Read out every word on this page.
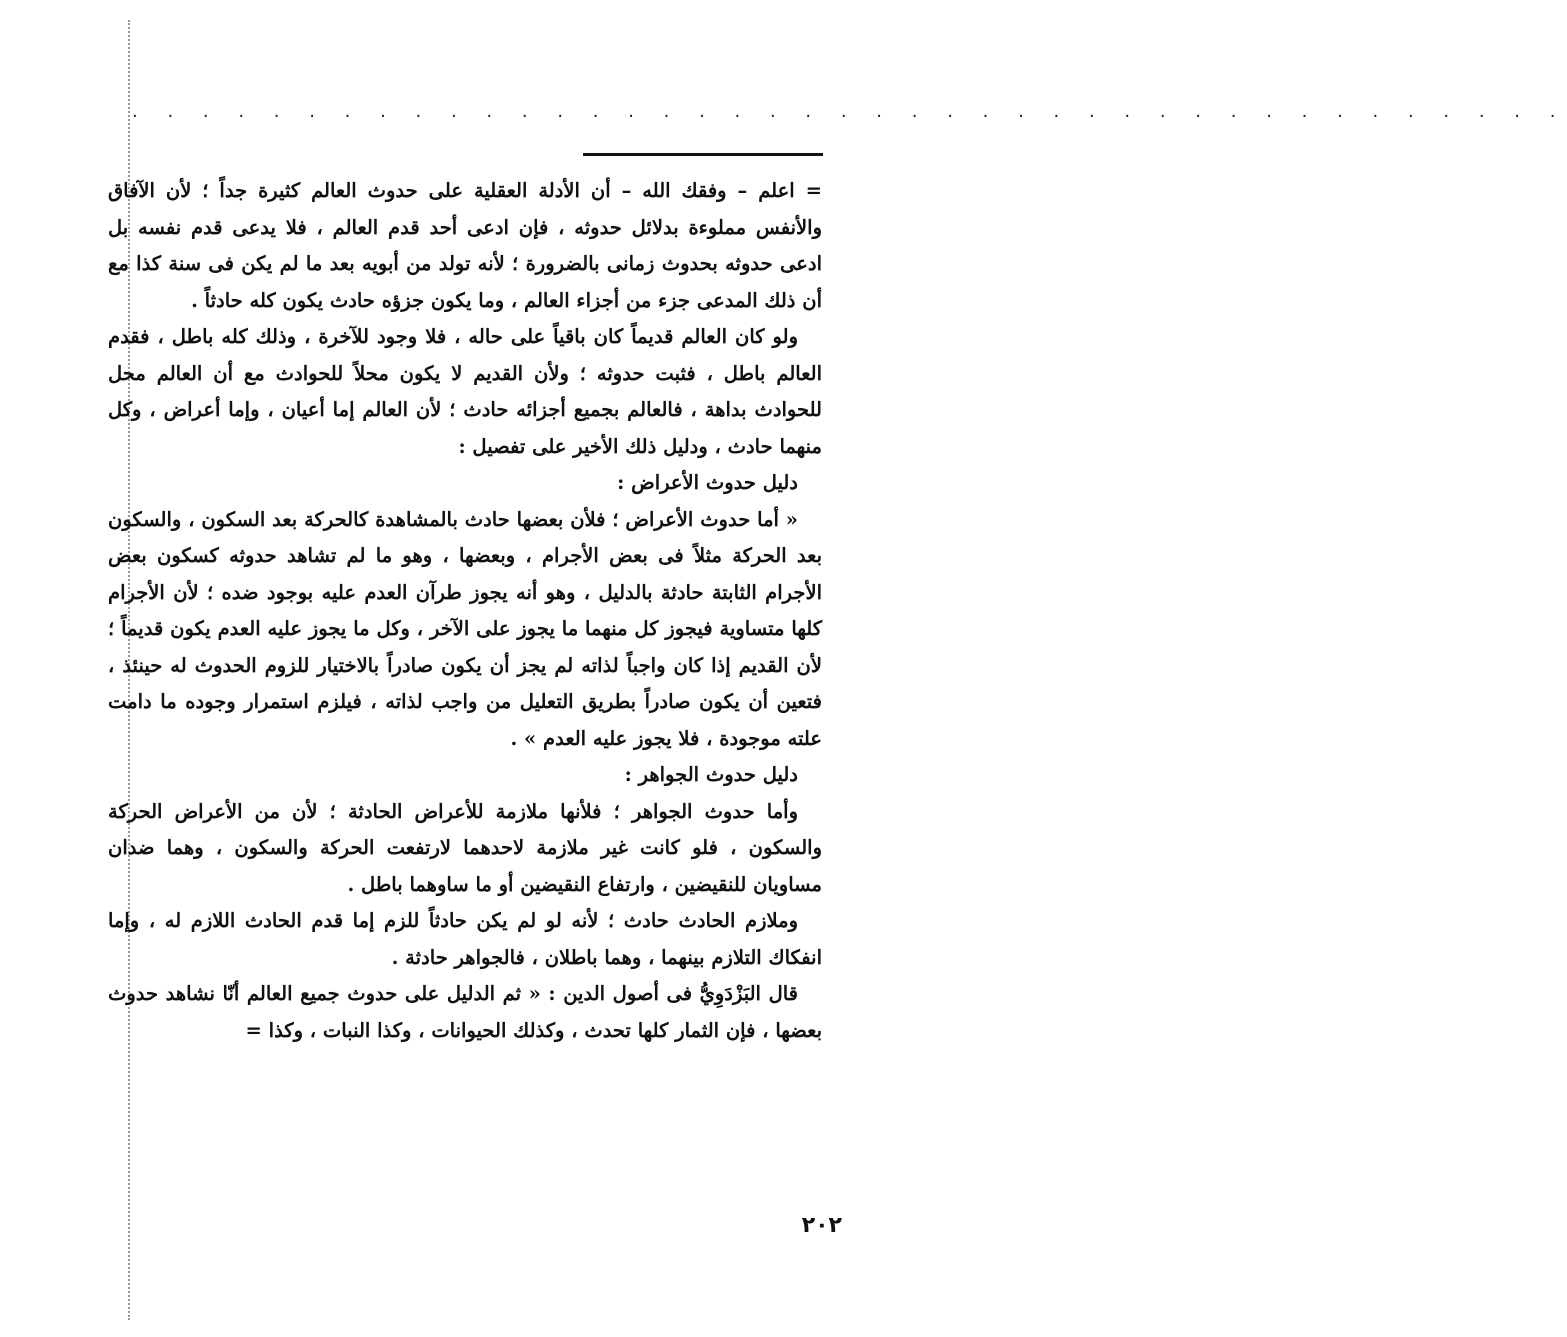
· · · · · · · · · · · · · · · · · · · · · · · · · · · · · · · · · · · · · · · · ·

= اعلم – وفقك الله – أن الأدلة العقلية على حدوث العالم كثيرة جداً ؛ لأن الآفاق والأنفس مملوءة بدلائل حدوثه ، فإن ادعى أحد قدم العالم ، فلا يدعى قدم نفسه بل ادعى حدوثه بحدوث زمانى بالضرورة ؛ لأنه تولد من أبويه بعد ما لم يكن فى سنة كذا مع أن ذلك المدعى جزء من أجزاء العالم ، وما يكون جزؤه حادث يكون كله حادثاً .

ولو كان العالم قديماً كان باقياً على حاله ، فلا وجود للآخرة ، وذلك كله باطل ، فقدم العالم باطل ، فثبت حدوثه ؛ ولأن القديم لا يكون محلاً للحوادث مع أن العالم محل للحوادث بداهة ، فالعالم بجميع أجزائه حادث ؛ لأن العالم إما أعيان ، وإما أعراض ، وكل منهما حادث ، ودليل ذلك الأخير على تفصيل :

دليل حدوث الأعراض :

« أما حدوث الأعراض ؛ فلأن بعضها حادث بالمشاهدة كالحركة بعد السكون ، والسكون بعد الحركة مثلاً فى بعض الأجرام ، وبعضها ، وهو ما لم تشاهد حدوثه كسكون بعض الأجرام الثابتة حادثة بالدليل ، وهو أنه يجوز طرآن العدم عليه بوجود ضده ؛ لأن الأجرام كلها متساوية فيجوز كل منهما ما يجوز على الآخر ، وكل ما يجوز عليه العدم يكون قديماً ؛ لأن القديم إذا كان واجباً لذاته لم يجز أن يكون صادراً بالاختيار للزوم الحدوث له حينئذ ، فتعين أن يكون صادراً بطريق التعليل من واجب لذاته ، فيلزم استمرار وجوده ما دامت علته موجودة ، فلا يجوز عليه العدم » .

دليل حدوث الجواهر :

وأما حدوث الجواهر ؛ فلأنها ملازمة للأعراض الحادثة ؛ لأن من الأعراض الحركة والسكون ، فلو كانت غير ملازمة لاحدهما لارتفعت الحركة والسكون ، وهما ضدان مساويان للنقيضين ، وارتفاع النقيضين أو ما ساوهما باطل .

وملازم الحادث حادث ؛ لأنه لو لم يكن حادثاً للزم إما قدم الحادث اللازم له ، وإما انفكاك التلازم بينهما ، وهما باطلان ، فالجواهر حادثة .

قال البَزْدَوِيُّ فى أصول الدين : « ثم الدليل على حدوث جميع العالم أنّا نشاهد حدوث بعضها ، فإن الثمار كلها تحدث ، وكذلك الحيوانات ، وكذا النبات ، وكذا =

٢٠٢
